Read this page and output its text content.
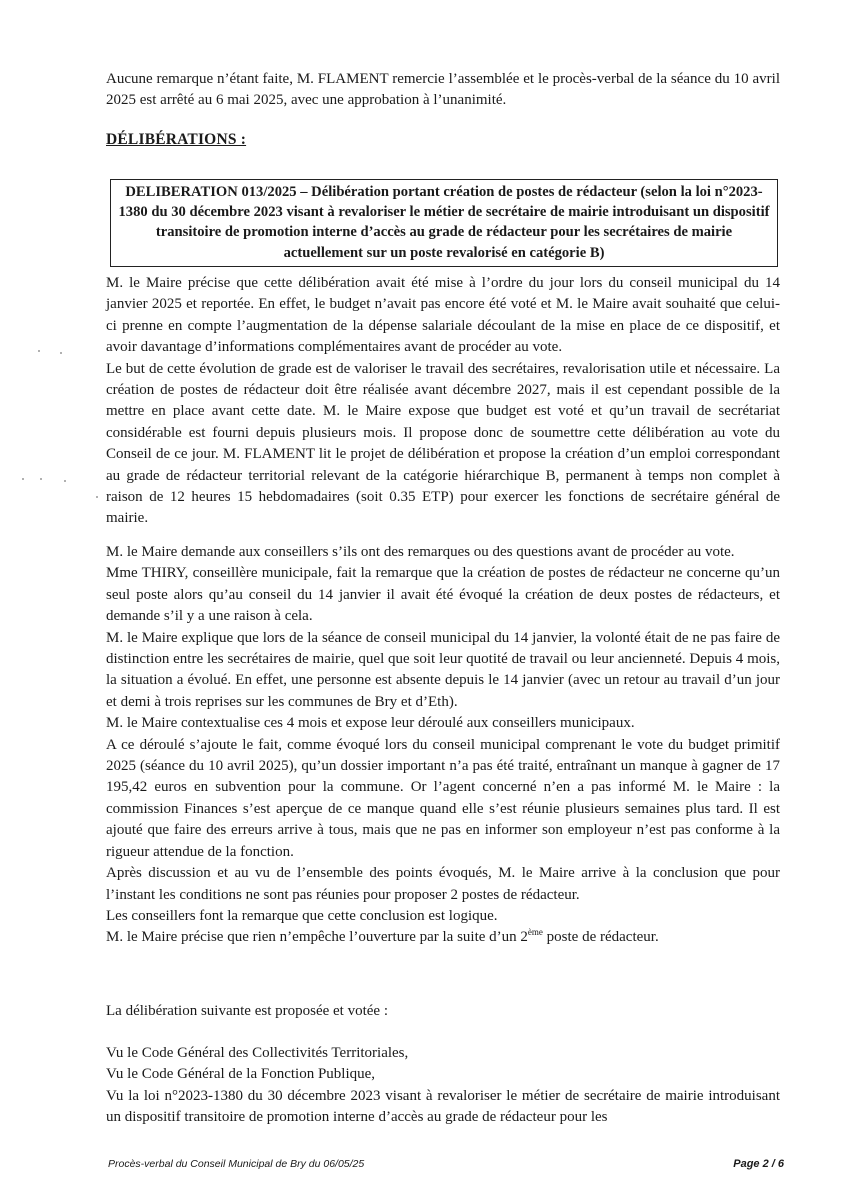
Aucune remarque n’étant faite, M. FLAMENT remercie l’assemblée et le procès-verbal de la séance du 10 avril 2025 est arrêté au 6 mai 2025, avec une approbation à l’unanimité.

DÉLIBÉRATIONS :

DELIBERATION 013/2025 – Délibération portant création de postes de rédacteur (selon la loi n°2023-1380 du 30 décembre 2023 visant à revaloriser le métier de secrétaire de mairie introduisant un dispositif transitoire de promotion interne d’accès au grade de rédacteur pour les secrétaires de mairie actuellement sur un poste revalorisé en catégorie B)

M. le Maire précise que cette délibération avait été mise à l’ordre du jour lors du conseil municipal du 14 janvier 2025 et reportée. En effet, le budget n’avait pas encore été voté et M. le Maire avait souhaité que celui-ci prenne en compte l’augmentation de la dépense salariale découlant de la mise en place de ce dispositif, et avoir davantage d’informations complémentaires avant de procéder au vote.

Le but de cette évolution de grade est de valoriser le travail des secrétaires, revalorisation utile et nécessaire. La création de postes de rédacteur doit être réalisée avant décembre 2027, mais il est cependant possible de la mettre en place avant cette date. M. le Maire expose que budget est voté et qu’un travail de secrétariat considérable est fourni depuis plusieurs mois. Il propose donc de soumettre cette délibération au vote du Conseil de ce jour. M. FLAMENT lit le projet de délibération et propose la création d’un emploi correspondant au grade de rédacteur territorial relevant de la catégorie hiérarchique B, permanent à temps non complet à raison de 12 heures 15 hebdomadaires (soit 0.35 ETP) pour exercer les fonctions de secrétaire général de mairie.

M. le Maire demande aux conseillers s’ils ont des remarques ou des questions avant de procéder au vote.

Mme THIRY, conseillère municipale, fait la remarque que la création de postes de rédacteur ne concerne qu’un seul poste alors qu’au conseil du 14 janvier il avait été évoqué la création de deux postes de rédacteurs, et demande s’il y a une raison à cela.

M. le Maire explique que lors de la séance de conseil municipal du 14 janvier, la volonté était de ne pas faire de distinction entre les secrétaires de mairie, quel que soit leur quotité de travail ou leur ancienneté. Depuis 4 mois, la situation a évolué. En effet, une personne est absente depuis le 14 janvier (avec un retour au travail d’un jour et demi à trois reprises sur les communes de Bry et d’Eth).

M. le Maire contextualise ces 4 mois et expose leur déroulé aux conseillers municipaux.

A ce déroulé s’ajoute le fait, comme évoqué lors du conseil municipal comprenant le vote du budget primitif 2025 (séance du 10 avril 2025), qu’un dossier important n’a pas été traité, entraînant un manque à gagner de 17 195,42 euros en subvention pour la commune. Or l’agent concerné n’en a pas informé M. le Maire : la commission Finances s’est aperçue de ce manque quand elle s’est réunie plusieurs semaines plus tard. Il est ajouté que faire des erreurs arrive à tous, mais que ne pas en informer son employeur n’est pas conforme à la rigueur attendue de la fonction.

Après discussion et au vu de l’ensemble des points évoqués, M. le Maire arrive à la conclusion que pour l’instant les conditions ne sont pas réunies pour proposer 2 postes de rédacteur.

Les conseillers font la remarque que cette conclusion est logique.

M. le Maire précise que rien n’empêche l’ouverture par la suite d’un 2ème poste de rédacteur.

La délibération suivante est proposée et votée :

Vu le Code Général des Collectivités Territoriales,

Vu le Code Général de la Fonction Publique,

Vu la loi n°2023-1380 du 30 décembre 2023 visant à revaloriser le métier de secrétaire de mairie introduisant un dispositif transitoire de promotion interne d’accès au grade de rédacteur pour les

Procès-verbal du Conseil Municipal de Bry du 06/05/25	Page 2 / 6
